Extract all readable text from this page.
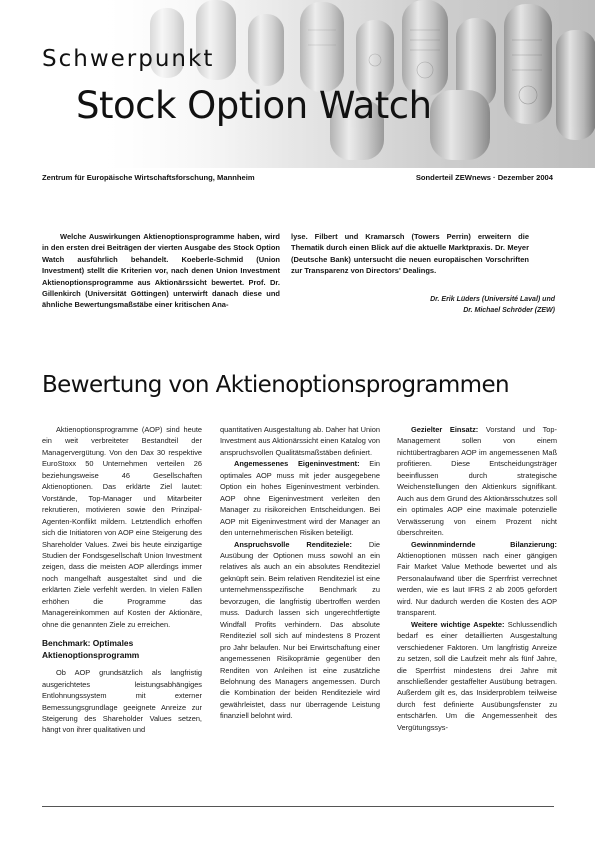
Schwerpunkt
Stock Option Watch
Zentrum für Europäische Wirtschaftsforschung, Mannheim	Sonderteil ZEWnews · Dezember 2004

Welche Auswirkungen Aktienoptionsprogramme haben, wird in den ersten drei Beiträgen der vierten Ausgabe des Stock Option Watch ausführlich behandelt. Koeberle-Schmid (Union Investment) stellt die Kriterien vor, nach denen Union Investment Aktienoptionsprogramme aus Aktionärssicht bewertet. Prof. Dr. Gillenkirch (Universität Göttingen) unterwirft danach diese und ähnliche Bewertungsmaßstäbe einer kritischen Ana-

lyse. Filbert und Kramarsch (Towers Perrin) erweitern die Thematik durch einen Blick auf die aktuelle Marktpraxis. Dr. Meyer (Deutsche Bank) untersucht die neuen europäischen Vorschriften zur Transparenz von Directors' Dealings.

Dr. Erik Lüders (Université Laval) und
Dr. Michael Schröder (ZEW)
Bewertung von Aktienoptionsprogrammen

Aktienoptionsprogramme (AOP) sind heute ein weit verbreiteter Bestandteil der Managervergütung. Von den Dax 30 respektive EuroStoxx 50 Unternehmen verteilen 26 beziehungsweise 46 Gesellschaften Aktienoptionen. Das erklärte Ziel lautet: Vorstände, Top-Manager und Mitarbeiter rekrutieren, motivieren sowie den Prinzipal-Agenten-Konflikt mildern. Letztendlich erhoffen sich die Initiatoren von AOP eine Steigerung des Shareholder Values. Zwei bis heute einzigartige Studien der Fondsgesellschaft Union Investment zeigen, dass die meisten AOP allerdings immer noch mangelhaft ausgestaltet sind und die erklärten Ziele verfehlt werden. In vielen Fällen erhöhen die Programme das Managereinkommen auf Kosten der Aktionäre, ohne die genannten Ziele zu erreichen.

Benchmark: Optimales Aktienoptionsprogramm

Ob AOP grundsätzlich als langfristig ausgerichtetes leistungsabhängiges Entlohnungssystem mit externer Bemessungsgrundlage geeignete Anreize zur Steigerung des Shareholder Values setzen, hängt von ihrer qualitativen und

quantitativen Ausgestaltung ab. Daher hat Union Investment aus Aktionärssicht einen Katalog von anspruchsvollen Qualitätsmaßstäben definiert.

Angemessenes Eigeninvestment: Ein optimales AOP muss mit jeder ausgegebene Option ein hohes Eigeninvestment verbinden. AOP ohne Eigeninvestment verleiten den Manager zu risikoreichen Entscheidungen. Bei AOP mit Eigeninvestment wird der Manager an den unternehmerischen Risiken beteiligt.

Anspruchsvolle Renditeziele: Die Ausübung der Optionen muss sowohl an ein relatives als auch an ein absolutes Renditeziel geknüpft sein. Beim relativen Renditeziel ist eine unternehmensspezifische Benchmark zu bevorzugen, die langfristig übertroffen werden muss. Dadurch lassen sich ungerechtfertigte Windfall Profits verhindern. Das absolute Renditeziel soll sich auf mindestens 8 Prozent pro Jahr belaufen. Nur bei Erwirtschaftung einer angemessenen Risikoprämie gegenüber den Renditen von Anleihen ist eine zusätzliche Belohnung des Managers angemessen. Durch die Kombination der beiden Renditeziele wird gewährleistet, dass nur überragende Leistung finanziell belohnt wird.

Gezielter Einsatz: Vorstand und Top-Management sollen von einem nichtübertragbaren AOP im angemessenen Maß profitieren. Diese Entscheidungsträger beeinflussen durch strategische Weichenstellungen den Aktienkurs signifikant. Auch aus dem Grund des Aktionärsschutzes soll ein optimales AOP eine maximale potenzielle Verwässerung von einem Prozent nicht überschreiten.

Gewinnmindernde Bilanzierung: Aktienoptionen müssen nach einer gängigen Fair Market Value Methode bewertet und als Personalaufwand über die Sperrfrist verrechnet werden, wie es laut IFRS 2 ab 2005 gefordert wird. Nur dadurch werden die Kosten des AOP transparent.

Weitere wichtige Aspekte: Schlussendlich bedarf es einer detaillierten Ausgestaltung verschiedener Faktoren. Um langfristig Anreize zu setzen, soll die Laufzeit mehr als fünf Jahre, die Sperrfrist mindestens drei Jahre mit anschließender gestaffelter Ausübung betragen. Außerdem gilt es, das Insiderproblem teilweise durch fest definierte Ausübungsfenster zu entschärfen. Um die Angemessenheit des Vergütungssys-
